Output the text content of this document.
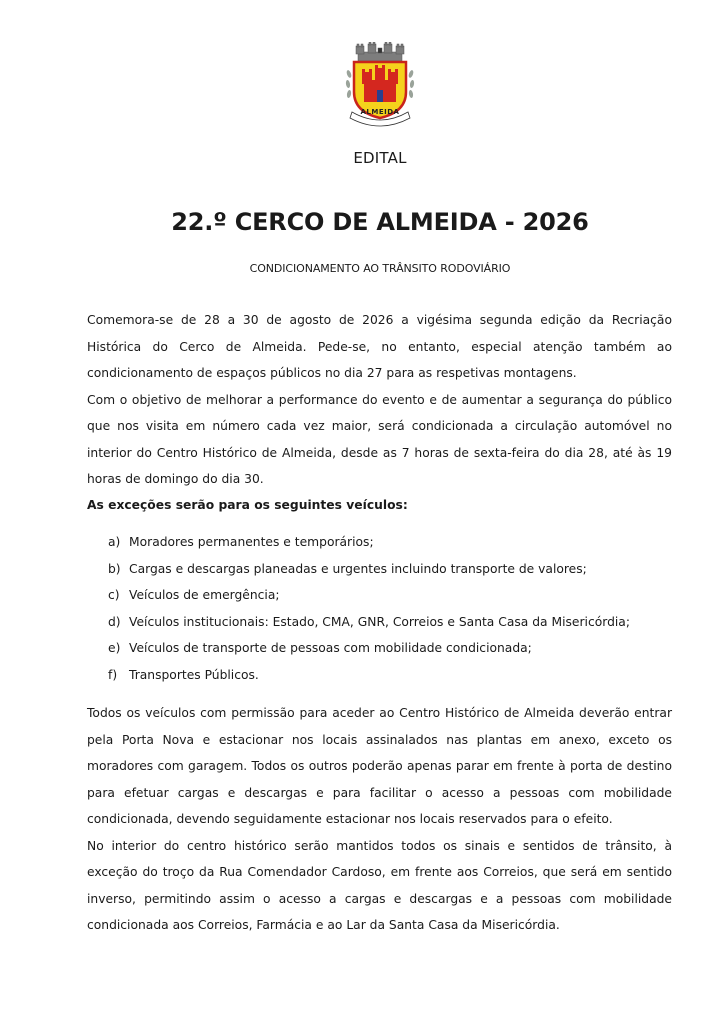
ALMEIDA
EDITAL
22.º CERCO DE ALMEIDA - 2026
CONDICIONAMENTO AO TRÂNSITO RODOVIÁRIO

Comemora-se de 28 a 30 de agosto de 2026 a vigésima segunda edição da Recriação Histórica do Cerco de Almeida. Pede-se, no entanto, especial atenção também ao condicionamento de espaços públicos no dia 27 para as respetivas montagens.

Com o objetivo de melhorar a performance do evento e de aumentar a segurança do público que nos visita em número cada vez maior, será condicionada a circulação automóvel no interior do Centro Histórico de Almeida, desde as 7 horas de sexta-feira do dia 28, até às 19 horas de domingo do dia 30.

As exceções serão para os seguintes veículos:
a) Moradores permanentes e temporários;
b) Cargas e descargas planeadas e urgentes incluindo transporte de valores;
c) Veículos de emergência;
d) Veículos institucionais: Estado, CMA, GNR, Correios e Santa Casa da Misericórdia;
e) Veículos de transporte de pessoas com mobilidade condicionada;
f) Transportes Públicos.

Todos os veículos com permissão para aceder ao Centro Histórico de Almeida deverão entrar pela Porta Nova e estacionar nos locais assinalados nas plantas em anexo, exceto os moradores com garagem. Todos os outros poderão apenas parar em frente à porta de destino para efetuar cargas e descargas e para facilitar o acesso a pessoas com mobilidade condicionada, devendo seguidamente estacionar nos locais reservados para o efeito.

No interior do centro histórico serão mantidos todos os sinais e sentidos de trânsito, à exceção do troço da Rua Comendador Cardoso, em frente aos Correios, que será em sentido inverso, permitindo assim o acesso a cargas e descargas e a pessoas com mobilidade condicionada aos Correios, Farmácia e ao Lar da Santa Casa da Misericórdia.
